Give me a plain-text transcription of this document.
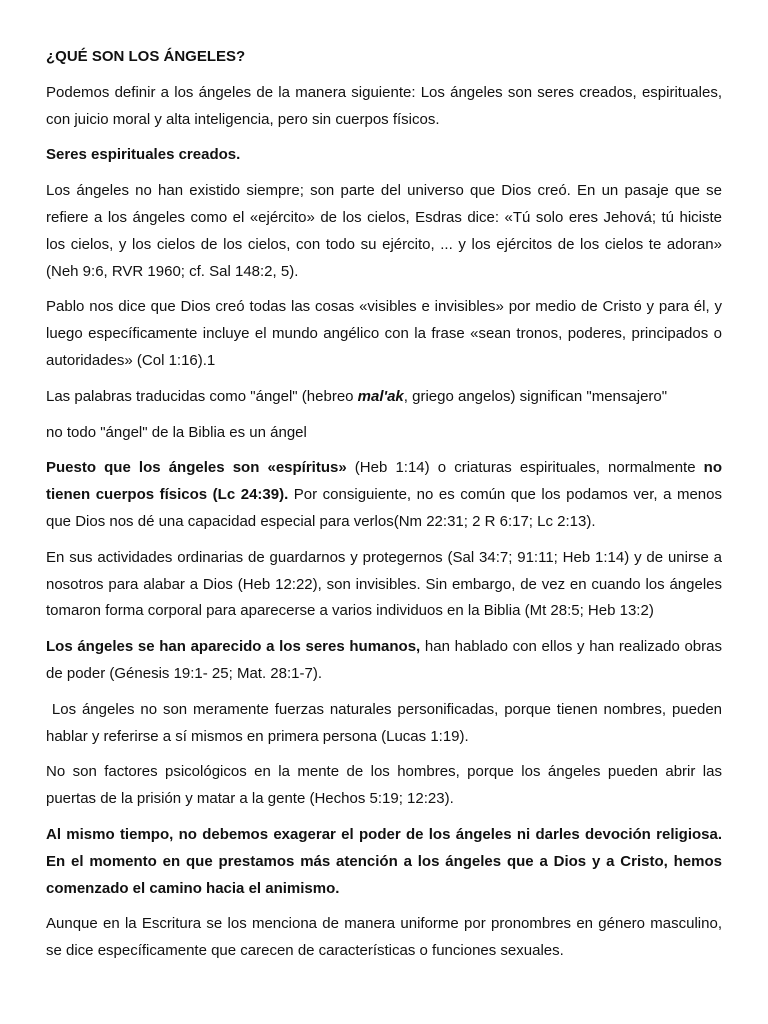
¿QUÉ SON LOS ÁNGELES?

Podemos definir a los ángeles de la manera siguiente: Los ángeles son seres creados, espirituales, con juicio moral y alta inteligencia, pero sin cuerpos físicos.

Seres espirituales creados.

Los ángeles no han existido siempre; son parte del universo que Dios creó. En un pasaje que se refiere a los ángeles como el «ejército» de los cielos, Esdras dice: «Tú solo eres Jehová; tú hiciste los cielos, y los cielos de los cielos, con todo su ejército, ... y los ejércitos de los cielos te adoran» (Neh 9:6, RVR 1960; cf. Sal 148:2, 5).

Pablo nos dice que Dios creó todas las cosas «visibles e invisibles» por medio de Cristo y para él, y luego específicamente incluye el mundo angélico con la frase «sean tronos, poderes, principados o autoridades» (Col 1:16).1

Las palabras traducidas como "ángel" (hebreo mal'ak, griego angelos) significan "mensajero"

no todo "ángel" de la Biblia es un ángel

Puesto que los ángeles son «espíritus» (Heb 1:14) o criaturas espirituales, normalmente no tienen cuerpos físicos (Lc 24:39). Por consiguiente, no es común que los podamos ver, a menos que Dios nos dé una capacidad especial para verlos(Nm 22:31; 2 R 6:17; Lc 2:13).

En sus actividades ordinarias de guardarnos y protegernos (Sal 34:7; 91:11; Heb 1:14) y de unirse a nosotros para alabar a Dios (Heb 12:22), son invisibles. Sin embargo, de vez en cuando los ángeles tomaron forma corporal para aparecerse a varios individuos en la Biblia (Mt 28:5; Heb 13:2)

Los ángeles se han aparecido a los seres humanos, han hablado con ellos y han realizado obras de poder (Génesis 19:1- 25; Mat. 28:1-7).

Los ángeles no son meramente fuerzas naturales personificadas, porque tienen nombres, pueden hablar y referirse a sí mismos en primera persona (Lucas 1:19).

No son factores psicológicos en la mente de los hombres, porque los ángeles pueden abrir las puertas de la prisión y matar a la gente (Hechos 5:19; 12:23).

Al mismo tiempo, no debemos exagerar el poder de los ángeles ni darles devoción religiosa. En el momento en que prestamos más atención a los ángeles que a Dios y a Cristo, hemos comenzado el camino hacia el animismo.

Aunque en la Escritura se los menciona de manera uniforme por pronombres en género masculino, se dice específicamente que carecen de características o funciones sexuales.
